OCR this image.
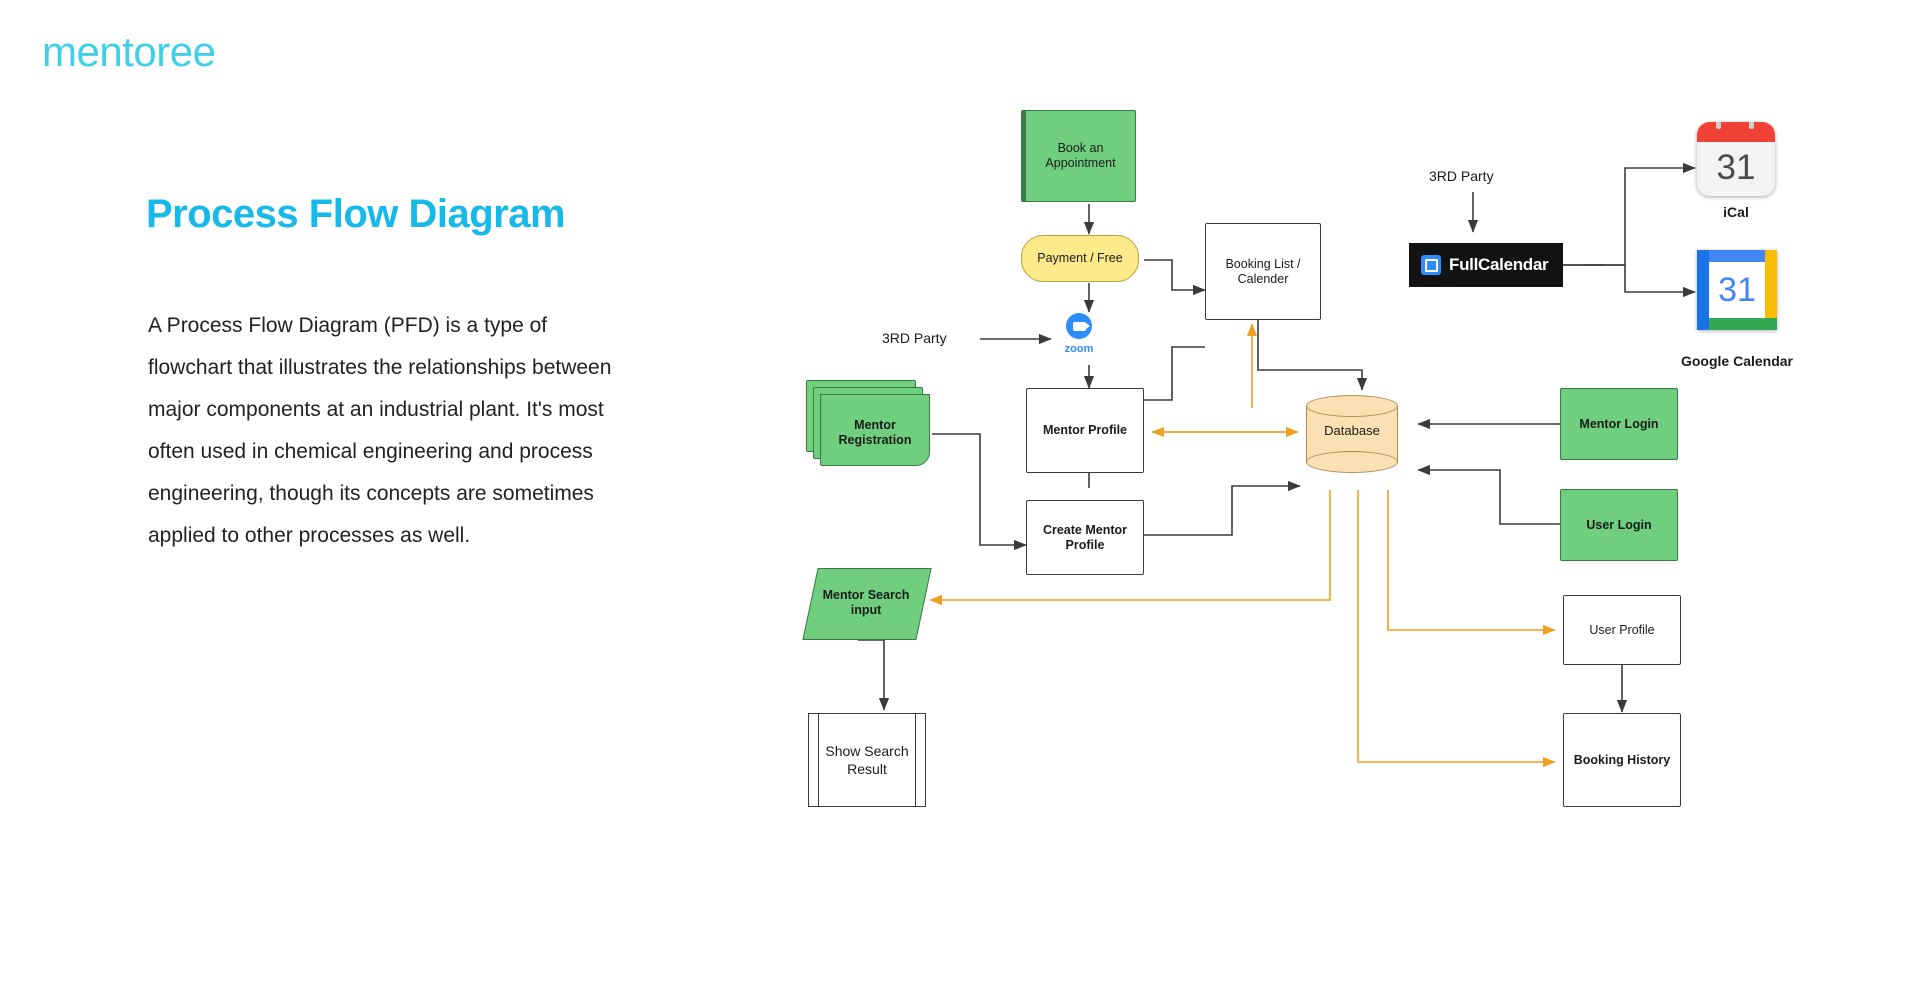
mentoree
Process Flow Diagram
A Process Flow Diagram (PFD) is a type of flowchart that illustrates the relationships between major components at an industrial plant. It's most often used in chemical engineering and process engineering, though its concepts are sometimes applied to other processes as well.
Book an Appointment
Payment / Free
zoom
3RD Party
3RD Party
Booking List / Calender
Mentor Profile
Create Mentor Profile
Mentor Registration
Mentor Search input
Show Search Result
Database	Mentor Login
User Login
User Profile
Booking History
FullCalendar
31
iCal
31
Google Calendar
